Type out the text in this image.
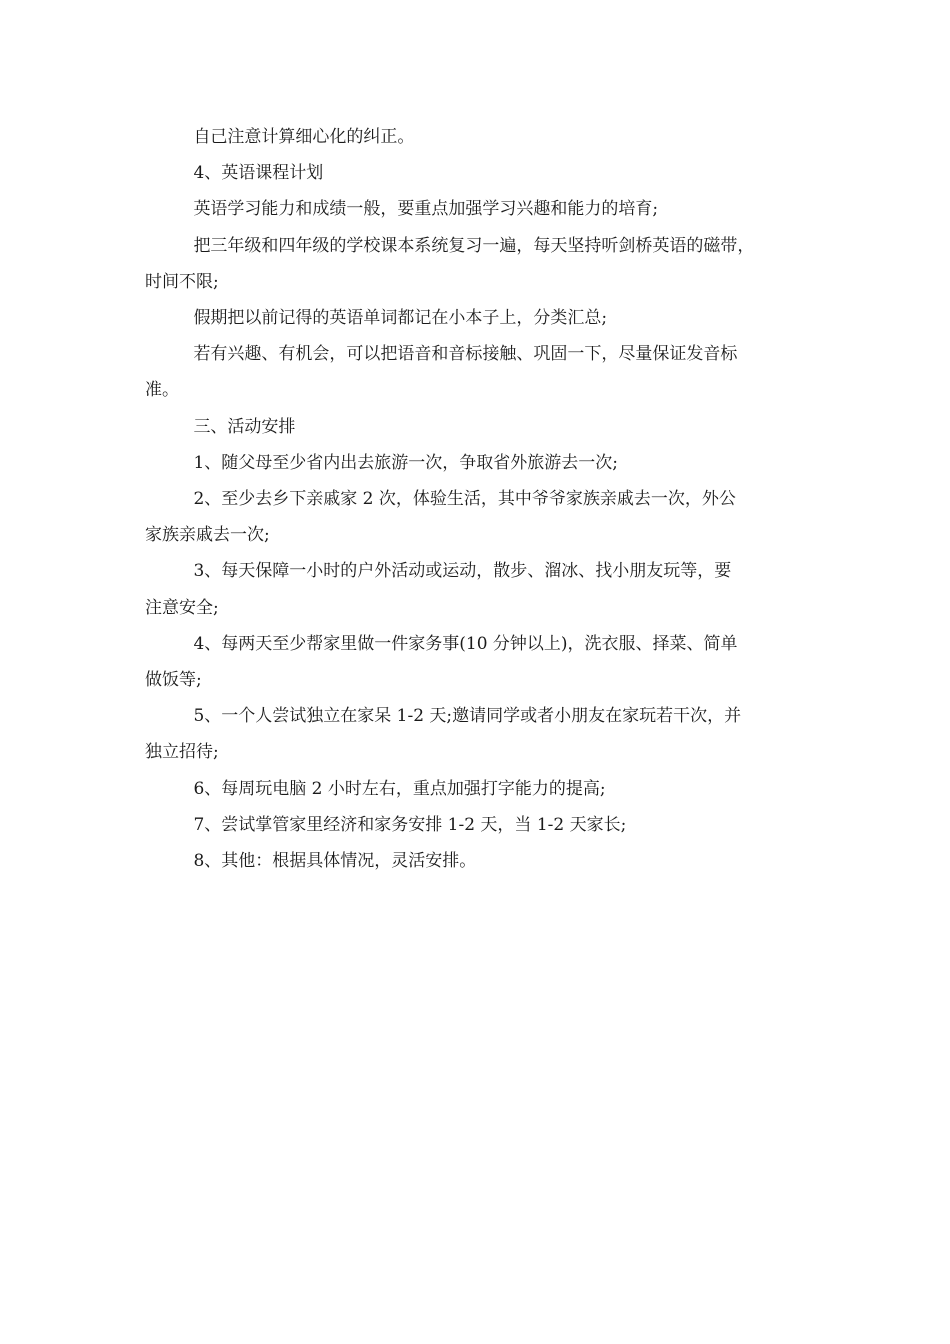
自己注意计算细心化的纠正。

4、英语课程计划

英语学习能力和成绩一般，要重点加强学习兴趣和能力的培育;

把三年级和四年级的学校课本系统复习一遍，每天坚持听剑桥英语的磁带，

时间不限;

假期把以前记得的英语单词都记在小本子上，分类汇总;

若有兴趣、有机会，可以把语音和音标接触、巩固一下，尽量保证发音标

准。

三、活动安排

1、随父母至少省内出去旅游一次，争取省外旅游去一次;

2、至少去乡下亲戚家 2 次，体验生活，其中爷爷家族亲戚去一次，外公

家族亲戚去一次;

3、每天保障一小时的户外活动或运动，散步、溜冰、找小朋友玩等，要

注意安全;

4、每两天至少帮家里做一件家务事(10 分钟以上)，洗衣服、择菜、简单

做饭等;

5、一个人尝试独立在家呆 1-2 天;邀请同学或者小朋友在家玩若干次，并

独立招待;

6、每周玩电脑 2 小时左右，重点加强打字能力的提高;

7、尝试掌管家里经济和家务安排 1-2 天，当 1-2 天家长;

8、其他：根据具体情况，灵活安排。
